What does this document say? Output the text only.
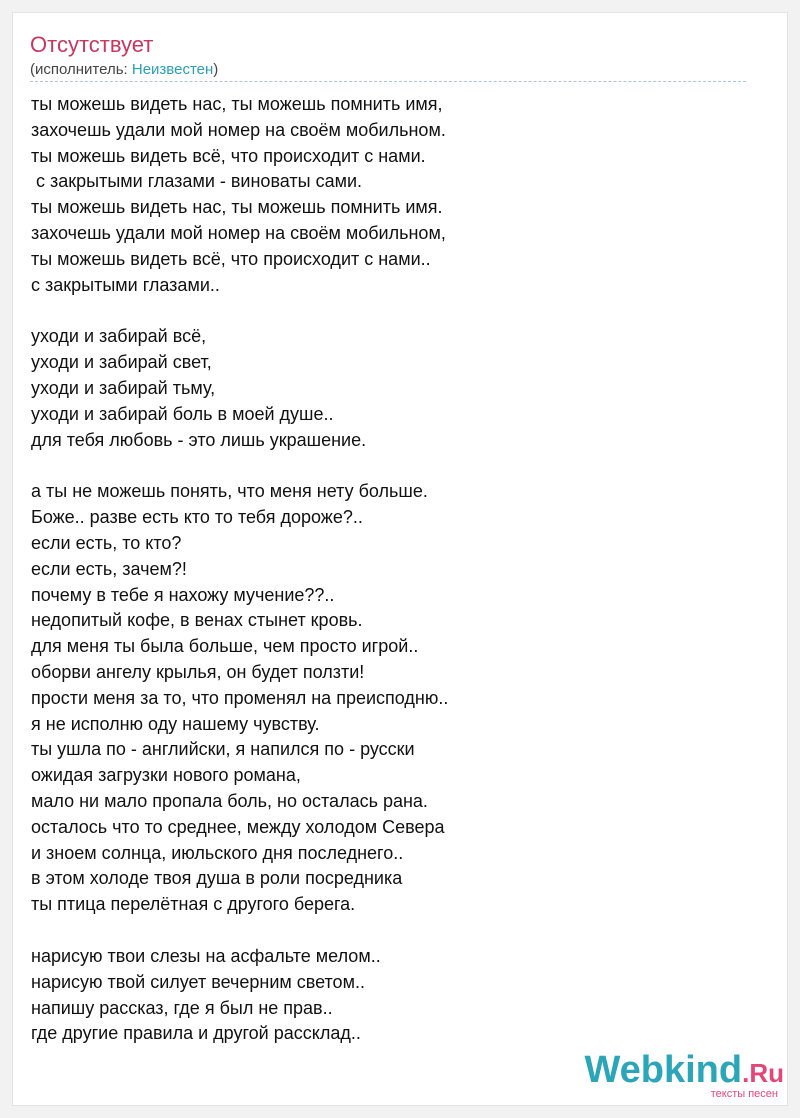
Отсутствует
(исполнитель: Неизвестен)
ты можешь видеть нас, ты можешь помнить имя,
захочешь удали мой номер на своём мобильном.
ты можешь видеть всё, что происходит с нами.
с закрытыми глазами - виноваты сами.
ты можешь видеть нас, ты можешь помнить имя.
захочешь удали мой номер на своём мобильном,
ты можешь видеть всё, что происходит с нами..
с закрытыми глазами..
уходи и забирай всё,
уходи и забирай свет,
уходи и забирай тьму,
уходи и забирай боль в моей душе..
для тебя любовь - это лишь украшение.
а ты не можешь понять, что меня нету больше.
Боже.. разве есть кто то тебя дороже?..
если есть, то кто?
если есть, зачем?!
почему в тебе я нахожу мучение??..
недопитый кофе, в венах стынет кровь.
для меня ты была больше, чем просто игрой..
оборви ангелу крылья, он будет ползти!
прости меня за то, что променял на преисподню..
я не исполню оду нашему чувству.
ты ушла по - английски, я напился по - русски
ожидая загрузки нового романа,
мало ни мало пропала боль, но осталась рана.
осталось что то среднее, между холодом Севера
и зноем солнца, июльского дня последнего..
в этом холоде твоя душа в роли посредника
ты птица перелётная с другого берега.
нарисую твои слезы на асфальте мелом..
нарисую твой силует вечерним светом..
напишу рассказ, где я был не прав..
где другие правила и другой рассклад..
Webkind.Ru
тексты песен
